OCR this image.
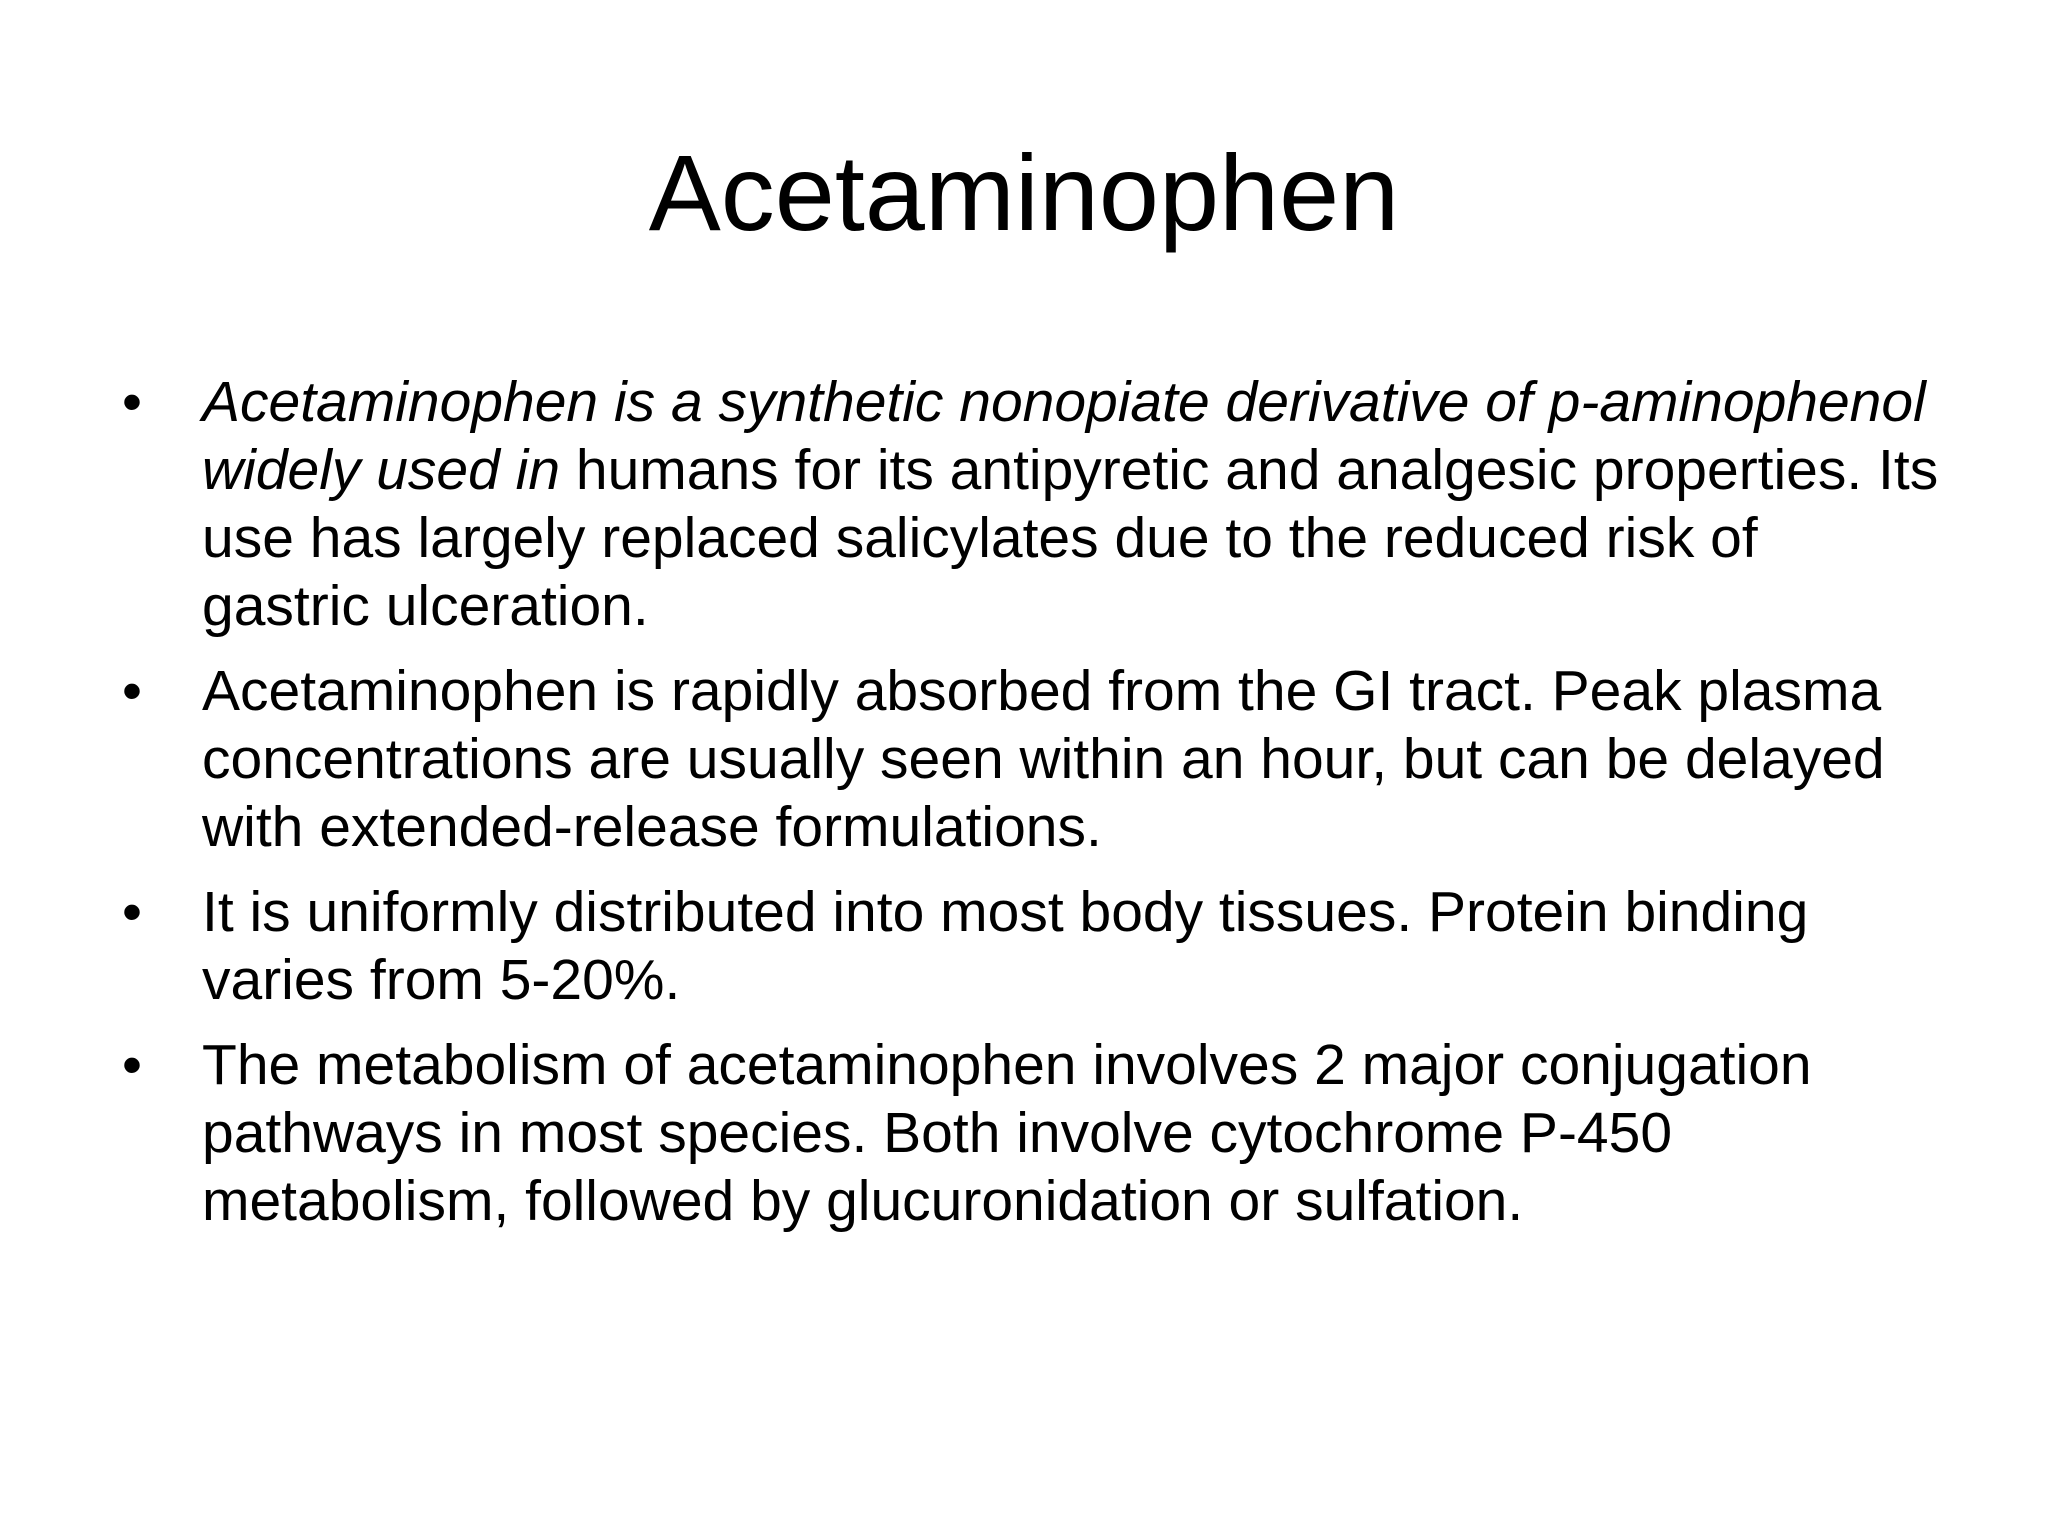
Acetaminophen
•	Acetaminophen is a synthetic nonopiate derivative of p-aminophenol widely used in humans for its antipyretic and analgesic properties. Its use has largely replaced salicylates due to the reduced risk of gastric ulceration.
•	Acetaminophen is rapidly absorbed from the GI tract. Peak plasma concentrations are usually seen within an hour, but can be delayed with extended-release formulations.
•	It is uniformly distributed into most body tissues. Protein binding varies from 5-20%.
•	The metabolism of acetaminophen involves 2 major conjugation pathways in most species. Both involve cytochrome P-450 metabolism, followed by glucuronidation or sulfation.
